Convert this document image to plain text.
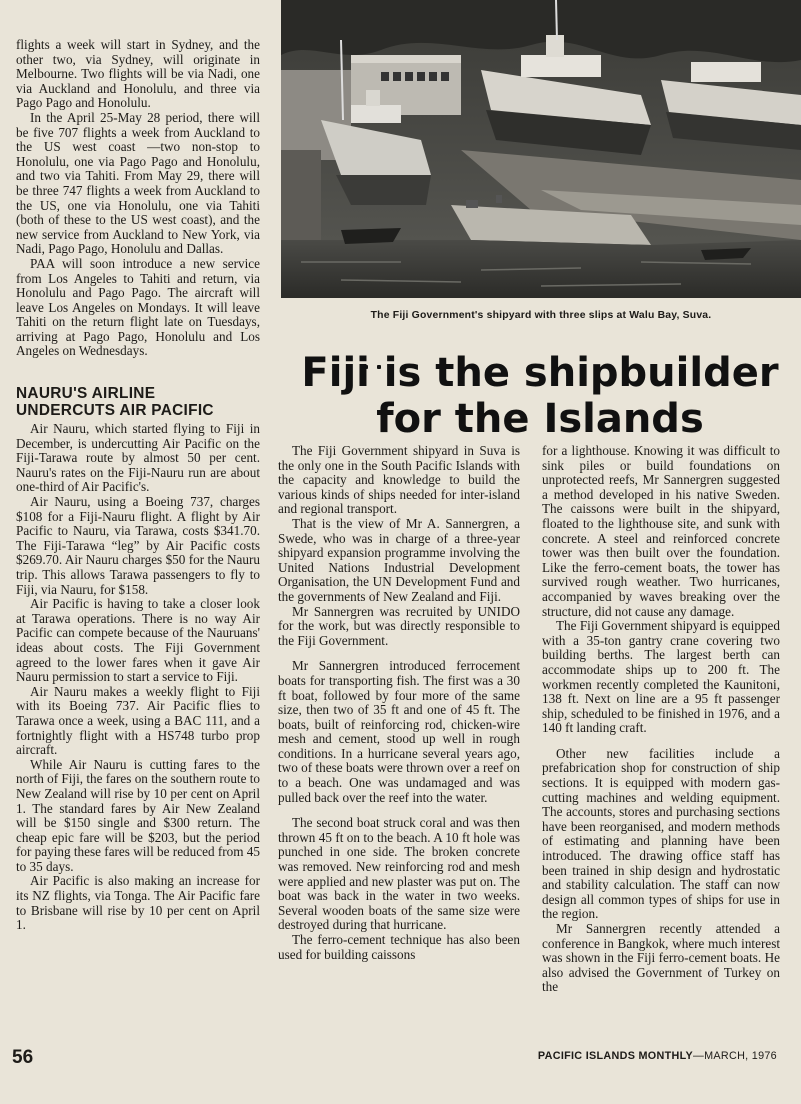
flights a week will start in Sydney, and the other two, via Sydney, will originate in Melbourne. Two flights will be via Nadi, one via Auckland and Honolulu, and three via Pago Pago and Honolulu.

In the April 25-May 28 period, there will be five 707 flights a week from Auckland to the US west coast —two non-stop to Honolulu, one via Pago Pago and Honolulu, and two via Tahiti. From May 29, there will be three 747 flights a week from Auckland to the US, one via Honolulu, one via Tahiti (both of these to the US west coast), and the new service from Auckland to New York, via Nadi, Pago Pago, Honolulu and Dallas.

PAA will soon introduce a new service from Los Angeles to Tahiti and return, via Honolulu and Pago Pago. The aircraft will leave Los Angeles on Mondays. It will leave Tahiti on the return flight late on Tuesdays, arriving at Pago Pago, Honolulu and Los Angeles on Wednesdays.

NAURU'S AIRLINE
UNDERCUTS AIR PACIFIC

Air Nauru, which started flying to Fiji in December, is undercutting Air Pacific on the Fiji-Tarawa route by almost 50 per cent. Nauru's rates on the Fiji-Nauru run are about one-third of Air Pacific's.

Air Nauru, using a Boeing 737, charges $108 for a Fiji-Nauru flight. A flight by Air Pacific to Nauru, via Tarawa, costs $341.70. The Fiji-Tarawa “leg” by Air Pacific costs $269.70. Air Nauru charges $50 for the Nauru trip. This allows Tarawa passengers to fly to Fiji, via Nauru, for $158.

Air Pacific is having to take a closer look at Tarawa operations. There is no way Air Pacific can compete because of the Nauruans' ideas about costs. The Fiji Government agreed to the lower fares when it gave Air Nauru permission to start a service to Fiji.

Air Nauru makes a weekly flight to Fiji with its Boeing 737. Air Pacific flies to Tarawa once a week, using a BAC 111, and a fortnightly flight with a HS748 turbo prop aircraft.

While Air Nauru is cutting fares to the north of Fiji, the fares on the southern route to New Zealand will rise by 10 per cent on April 1. The standard fares by Air New Zealand will be $150 single and $300 return. The cheap epic fare will be $203, but the period for paying these fares will be reduced from 45 to 35 days.

Air Pacific is also making an increase for its NZ flights, via Tonga. The Air Pacific fare to Brisbane will rise by 10 per cent on April 1.

The Fiji Government's shipyard with three slips at Walu Bay, Suva.
Fiji is the shipbuilder
for the Islands

The Fiji Government shipyard in Suva is the only one in the South Pacific Islands with the capacity and knowledge to build the various kinds of ships needed for inter-island and regional transport.

That is the view of Mr A. Sannergren, a Swede, who was in charge of a three-year shipyard expansion programme involving the United Nations Industrial Development Organisation, the UN Development Fund and the governments of New Zealand and Fiji.

Mr Sannergren was recruited by UNIDO for the work, but was directly responsible to the Fiji Government.

Mr Sannergren introduced ferrocement boats for transporting fish. The first was a 30 ft boat, followed by four more of the same size, then two of 35 ft and one of 45 ft. The boats, built of reinforcing rod, chicken-wire mesh and cement, stood up well in rough conditions. In a hurricane several years ago, two of these boats were thrown over a reef on to a beach. One was undamaged and was pulled back over the reef into the water.

The second boat struck coral and was then thrown 45 ft on to the beach. A 10 ft hole was punched in one side. The broken concrete was removed. New reinforcing rod and mesh were applied and new plaster was put on. The boat was back in the water in two weeks. Several wooden boats of the same size were destroyed during that hurricane.

The ferro-cement technique has also been used for building caissons

for a lighthouse. Knowing it was difficult to sink piles or build foundations on unprotected reefs, Mr Sannergren suggested a method developed in his native Sweden. The caissons were built in the shipyard, floated to the lighthouse site, and sunk with concrete. A steel and reinforced concrete tower was then built over the foundation. Like the ferro-cement boats, the tower has survived rough weather. Two hurricanes, accompanied by waves breaking over the structure, did not cause any damage.

The Fiji Government shipyard is equipped with a 35-ton gantry crane covering two building berths. The largest berth can accommodate ships up to 200 ft. The workmen recently completed the Kaunitoni, 138 ft. Next on line are a 95 ft passenger ship, scheduled to be finished in 1976, and a 140 ft landing craft.

Other new facilities include a prefabrication shop for construction of ship sections. It is equipped with modern gas-cutting machines and welding equipment. The accounts, stores and purchasing sections have been reorganised, and modern methods of estimating and planning have been introduced. The drawing office staff has been trained in ship design and hydrostatic and stability calculation. The staff can now design all common types of ships for use in the region.

Mr Sannergren recently attended a conference in Bangkok, where much interest was shown in the Fiji ferro-cement boats. He also advised the Government of Turkey on the

56	PACIFIC ISLANDS MONTHLY—MARCH, 1976
